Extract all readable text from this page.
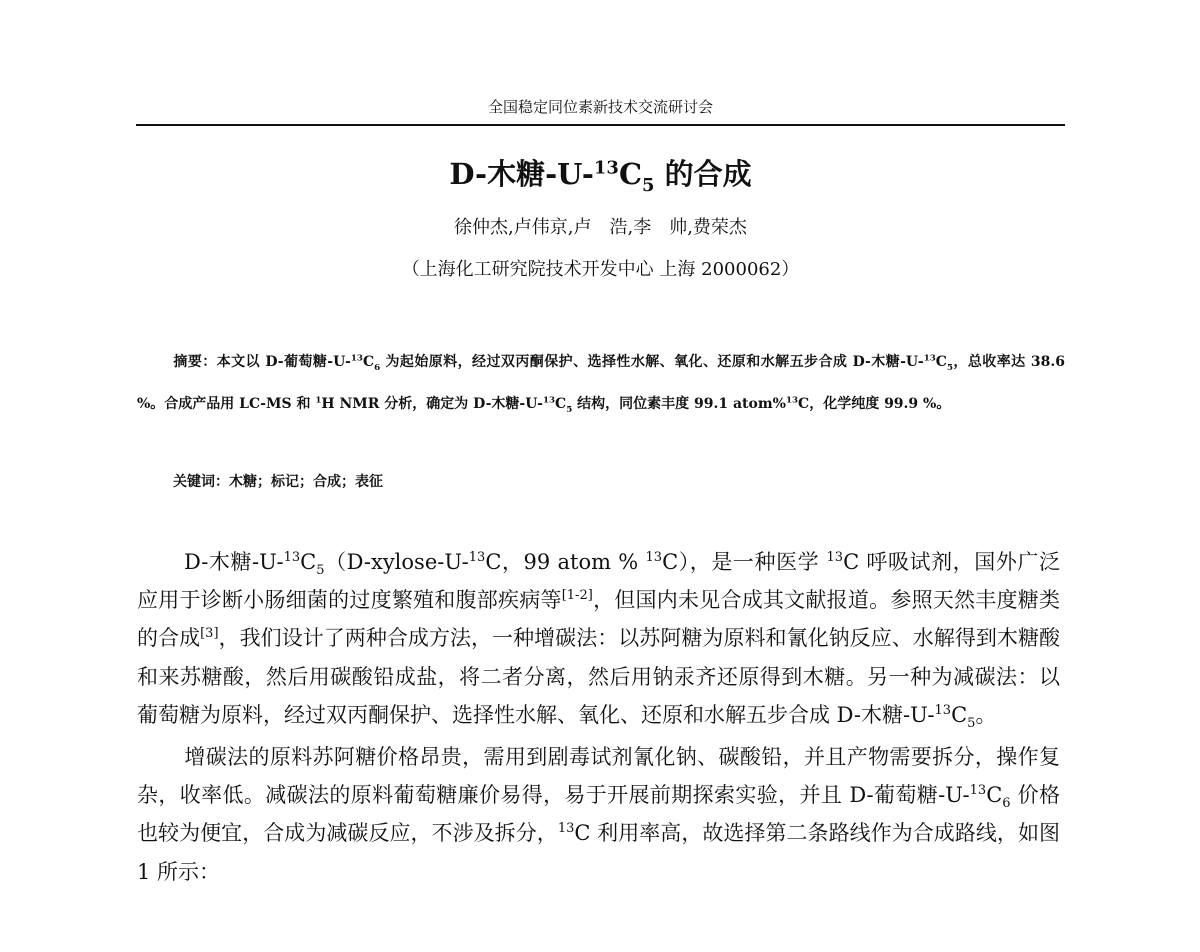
全国稳定同位素新技术交流研讨会
D-木糖$-U-^{13}C_5$ 的合成
徐仲杰,卢伟京,卢　浩,李　帅,费荣杰
（上海化工研究院技术开发中心 上海 2000062）
摘要：本文以 D-葡萄糖$-U-^{13}C_6$ 为起始原料，经过双丙酮保护、选择性水解、氧化、还原和水解五步合成 D-木糖$-U-^{13}C_5$，总收率达 38.6 %。合成产品用 LC-MS 和 $^1$H NMR 分析，确定为 D-木糖$-U-^{13}C_5$ 结构，同位素丰度 99.1 atom%$^{13}$C，化学纯度 99.9 %。
关键词：木糖；标记；合成；表征

D-木糖$-U-^{13}C_5(D-xylose-U-^{13}C$，99 atom % $^{13}$C），是一种医学 $^{13}$C 呼吸试剂，国外广泛应用于诊断小肠细菌的过度繁殖和腹部疾病等[1-2]，但国内未见合成其文献报道。参照天然丰度糖类的合成[3]，我们设计了两种合成方法，一种增碳法：以苏阿糖为原料和氰化钠反应、水解得到木糖酸和来苏糖酸，然后用碳酸铅成盐，将二者分离，然后用钠汞齐还原得到木糖。另一种为减碳法：以葡萄糖为原料，经过双丙酮保护、选择性水解、氧化、还原和水解五步合成 D-木糖$-U-^{13}C_5$。

增碳法的原料苏阿糖价格昂贵，需用到剧毒试剂氰化钠、碳酸铅，并且产物需要拆分，操作复杂，收率低。减碳法的原料葡萄糖廉价易得，易于开展前期探索实验，并且 D-葡萄糖$-U-^{13}C_6$ 价格也较为便宜，合成为减碳反应，不涉及拆分，$^{13}$C 利用率高，故选择第二条路线作为合成路线，如图 1 所示：
